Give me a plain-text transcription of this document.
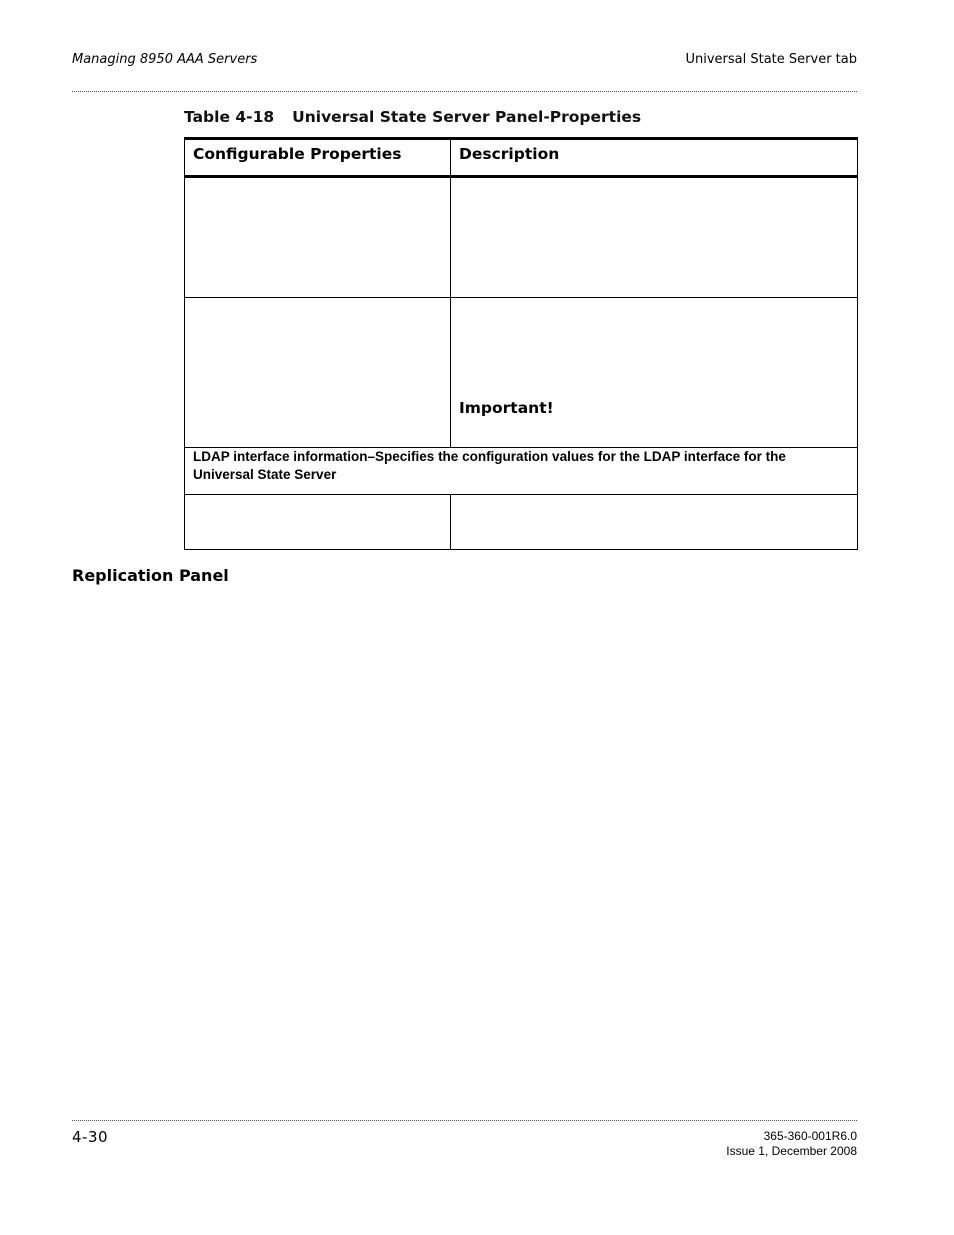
Managing 8950 AAA Servers	Universal State Server tab
Table 4-18 Universal State Server Panel-Properties
Configurable Properties	Description

	Important!

LDAP interface information–Specifies the configuration values for the LDAP interface for the Universal State Server	

Replication Panel
4-30	365-360-001R6.0
Issue 1, December 2008
